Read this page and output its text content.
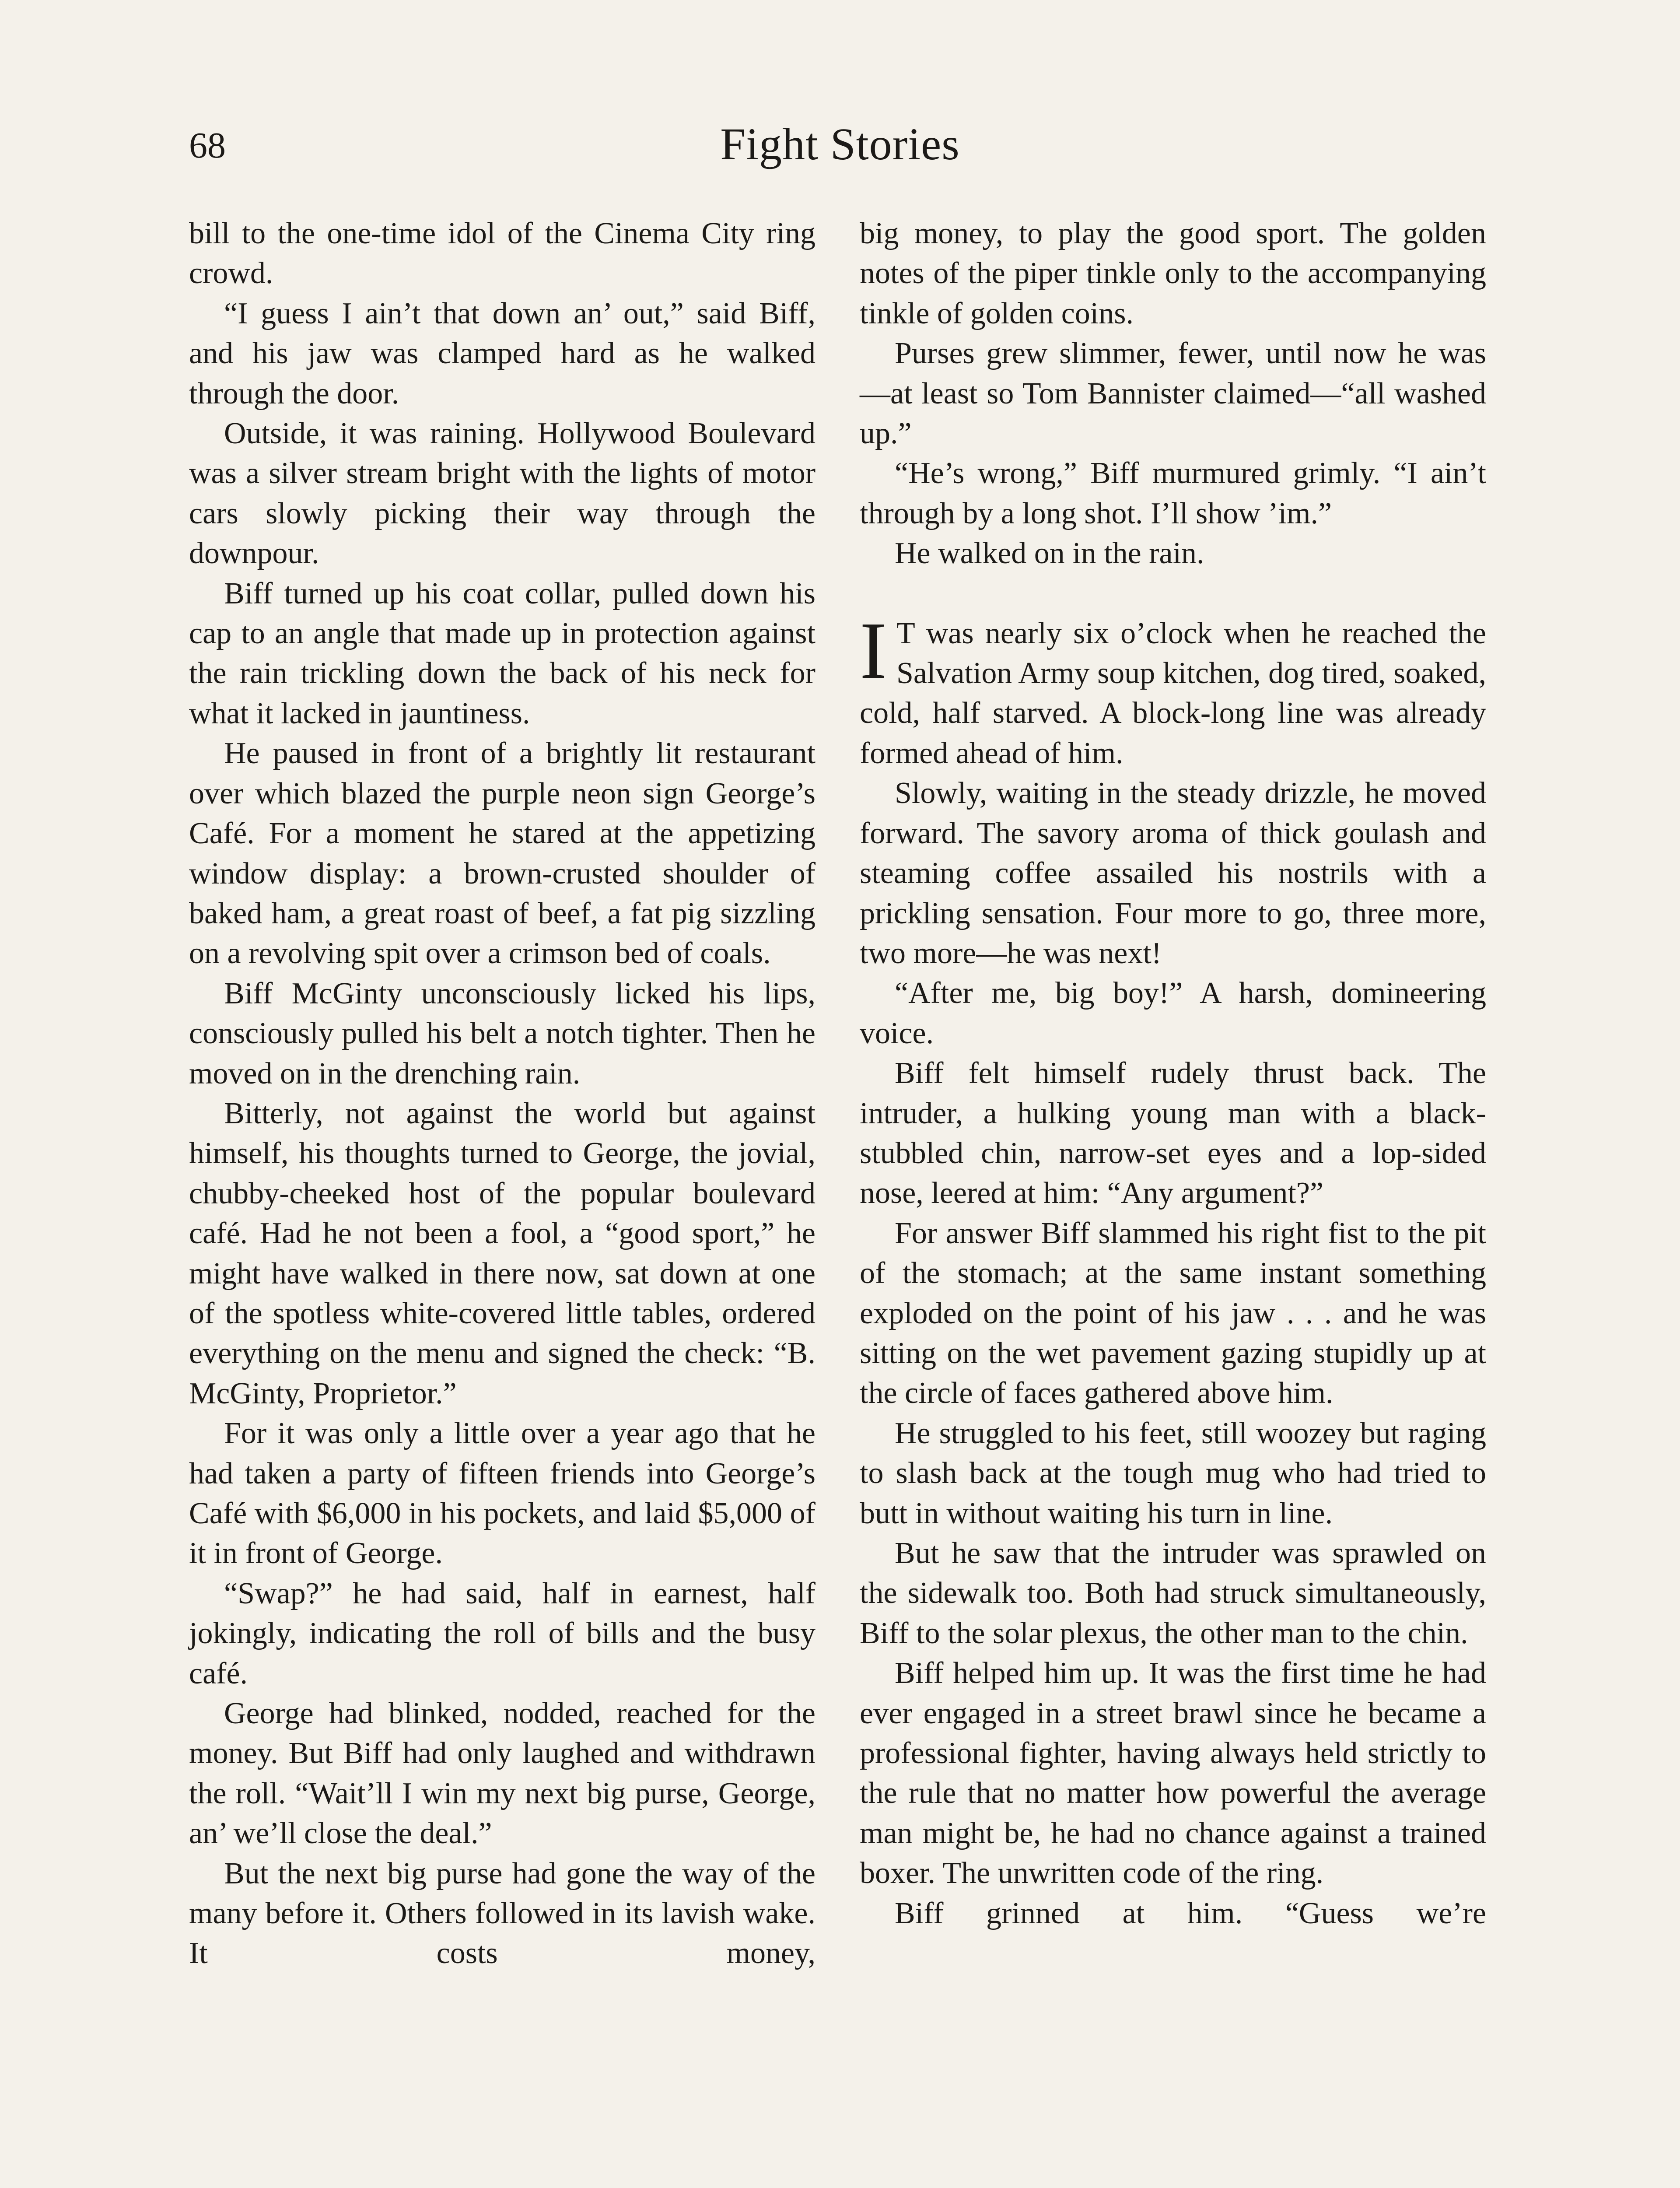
68	Fight Stories

bill to the one-time idol of the Cinema City ring crowd.

“I guess I ain’t that down an’ out,” said Biff, and his jaw was clamped hard as he walked through the door.

Outside, it was raining. Hollywood Boulevard was a silver stream bright with the lights of motor cars slowly picking their way through the downpour.

Biff turned up his coat collar, pulled down his cap to an angle that made up in protection against the rain trickling down the back of his neck for what it lacked in jauntiness.

He paused in front of a brightly lit restaurant over which blazed the purple neon sign George’s Café. For a moment he stared at the appetizing window display: a brown-crusted shoulder of baked ham, a great roast of beef, a fat pig sizzling on a revolving spit over a crimson bed of coals.

Biff McGinty unconsciously licked his lips, consciously pulled his belt a notch tighter. Then he moved on in the drenching rain.

Bitterly, not against the world but against himself, his thoughts turned to George, the jovial, chubby-cheeked host of the popular boulevard café. Had he not been a fool, a “good sport,” he might have walked in there now, sat down at one of the spotless white-covered little tables, ordered everything on the menu and signed the check: “B. McGinty, Proprietor.”

For it was only a little over a year ago that he had taken a party of fifteen friends into George’s Café with $6,000 in his pockets, and laid $5,000 of it in front of George.

“Swap?” he had said, half in earnest, half jokingly, indicating the roll of bills and the busy café.

George had blinked, nodded, reached for the money. But Biff had only laughed and withdrawn the roll. “Wait’ll I win my next big purse, George, an’ we’ll close the deal.”

But the next big purse had gone the way of the many before it. Others followed in its lavish wake. It costs money,

big money, to play the good sport. The golden notes of the piper tinkle only to the accompanying tinkle of golden coins.

Purses grew slimmer, fewer, until now he was—at least so Tom Bannister claimed—“all washed up.”

“He’s wrong,” Biff murmured grimly. “I ain’t through by a long shot. I’ll show ’im.”

He walked on in the rain.

I T was nearly six o’clock when he reached the Salvation Army soup kitchen, dog tired, soaked, cold, half starved. A block-long line was already formed ahead of him.

Slowly, waiting in the steady drizzle, he moved forward. The savory aroma of thick goulash and steaming coffee assailed his nostrils with a prickling sensation. Four more to go, three more, two more—he was next!

“After me, big boy!” A harsh, domineering voice.

Biff felt himself rudely thrust back. The intruder, a hulking young man with a black-stubbled chin, narrow-set eyes and a lop-sided nose, leered at him: “Any argument?”

For answer Biff slammed his right fist to the pit of the stomach; at the same instant something exploded on the point of his jaw . . . and he was sitting on the wet pavement gazing stupidly up at the circle of faces gathered above him.

He struggled to his feet, still woozey but raging to slash back at the tough mug who had tried to butt in without waiting his turn in line.

But he saw that the intruder was sprawled on the sidewalk too. Both had struck simultaneously, Biff to the solar plexus, the other man to the chin.

Biff helped him up. It was the first time he had ever engaged in a street brawl since he became a professional fighter, having always held strictly to the rule that no matter how powerful the average man might be, he had no chance against a trained boxer. The unwritten code of the ring.

Biff grinned at him. “Guess we’re
